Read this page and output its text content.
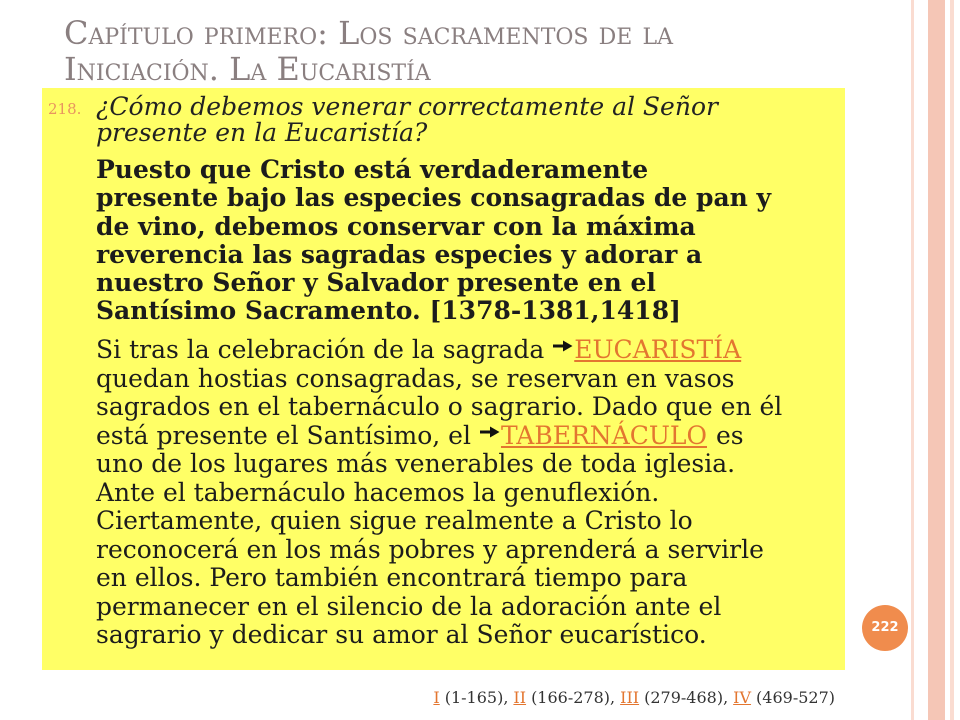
Capítulo primero: Los sacramentos de la
Iniciación. La Eucaristía
218. ¿Cómo debemos venerar correctamente al Señor
presente en la Eucaristía?
Puesto que Cristo está verdaderamente
presente bajo las especies consagradas de pan y
de vino, debemos conservar con la máxima
reverencia las sagradas especies y adorar a
nuestro Señor y Salvador presente en el
Santísimo Sacramento. [1378-1381,1418]
Si tras la celebración de la sagrada EUCARISTÍA
quedan hostias consagradas, se reservan en vasos
sagrados en el tabernáculo o sagrario. Dado que en él
está presente el Santísimo, el TABERNÁCULO es
uno de los lugares más venerables de toda iglesia.
Ante el tabernáculo hacemos la genuflexión.
Ciertamente, quien sigue realmente a Cristo lo
reconocerá en los más pobres y aprenderá a servirle
en ellos. Pero también encontrará tiempo para
permanecer en el silencio de la adoración ante el
sagrario y dedicar su amor al Señor eucarístico.	222
I (1-165), II (166-278), III (279-468), IV (469-527)
